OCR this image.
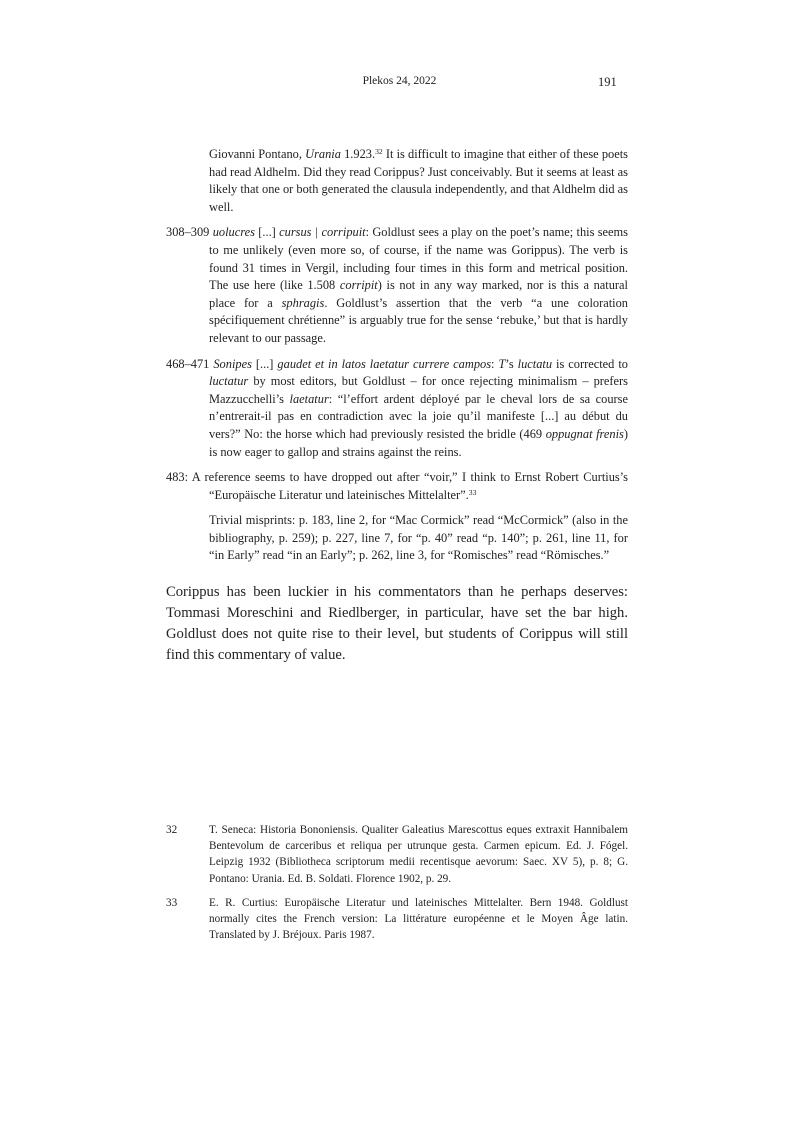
Plekos 24, 2022	191

Giovanni Pontano, Urania 1.923.32 It is difficult to imagine that either of these poets had read Aldhelm. Did they read Corippus? Just conceivably. But it seems at least as likely that one or both generated the clausula independently, and that Aldhelm did as well.

308–309 uolucres [...] cursus | corripuit: Goldlust sees a play on the poet’s name; this seems to me unlikely (even more so, of course, if the name was Gorippus). The verb is found 31 times in Vergil, including four times in this form and metrical position. The use here (like 1.508 corripit) is not in any way marked, nor is this a natural place for a sphragis. Goldlust’s assertion that the verb “a une coloration spécifiquement chrétienne” is arguably true for the sense ‘rebuke,’ but that is hardly relevant to our passage.

468–471 Sonipes [...] gaudet et in latos laetatur currere campos: T’s luctatu is corrected to luctatur by most editors, but Goldlust – for once rejecting minimalism – prefers Mazzucchelli’s laetatur: “l’effort ardent déployé par le cheval lors de sa course n’entrerait-il pas en contradiction avec la joie qu’il manifeste [...] au début du vers?” No: the horse which had previously resisted the bridle (469 oppugnat frenis) is now eager to gallop and strains against the reins.

483: A reference seems to have dropped out after “voir,” I think to Ernst Robert Curtius’s “Europäische Literatur und lateinisches Mittelalter”.$^{33}$

Trivial misprints: p. 183, line 2, for “Mac Cormick” read “McCormick” (also in the bibliography, p. 259); p. 227, line 7, for “p. 40” read “p. 140”; p. 261, line 11, for “in Early” read “in an Early”; p. 262, line 3, for “Romisches” read “Römisches.”

Corippus has been luckier in his commentators than he perhaps deserves: Tommasi Moreschini and Riedlberger, in particular, have set the bar high. Goldlust does not quite rise to their level, but students of Corippus will still find this commentary of value.

32	T. Seneca: Historia Bononiensis. Qualiter Galeatius Marescottus eques extraxit Hannibalem Bentevolum de carceribus et reliqua per utrunque gesta. Carmen epicum. Ed. J. Fógel. Leipzig 1932 (Bibliotheca scriptorum medii recentisque aevorum: Saec. XV 5), p. 8; G. Pontano: Urania. Ed. B. Soldati. Florence 1902, p. 29.
33	E. R. Curtius: Europäische Literatur und lateinisches Mittelalter. Bern 1948. Goldlust normally cites the French version: La littérature européenne et le Moyen Âge latin. Translated by J. Bréjoux. Paris 1987.
